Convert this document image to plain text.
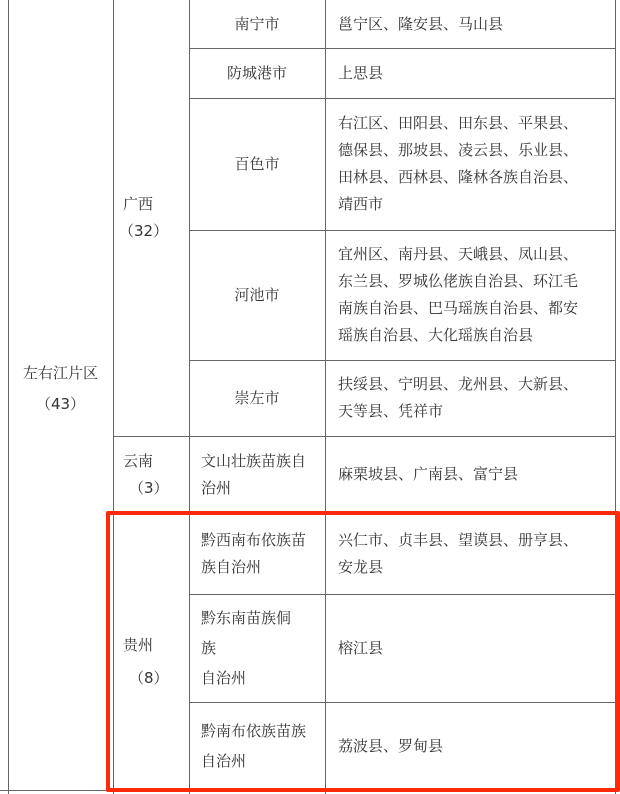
左右江片区
（43）
广西
（32）
云南
（3）
贵州
（8）
南宁市	邕宁区、隆安县、马山县
防城港市	上思县
百色市
右江区、田阳县、田东县、平果县、
德保县、那坡县、凌云县、乐业县、
田林县、西林县、隆林各族自治县、
靖西市
河池市
宜州区、南丹县、天峨县、凤山县、
东兰县、罗城仫佬族自治县、环江毛
南族自治县、巴马瑶族自治县、都安
瑶族自治县、大化瑶族自治县
崇左市
扶绥县、宁明县、龙州县、大新县、
天等县、凭祥市
文山壮族苗族自
治州
麻栗坡县、广南县、富宁县
黔西南布依族苗
族自治州
兴仁市、贞丰县、望谟县、册亨县、
安龙县
黔东南苗族侗
族
自治州
榕江县
黔南布依族苗族
自治州
荔波县、罗甸县
